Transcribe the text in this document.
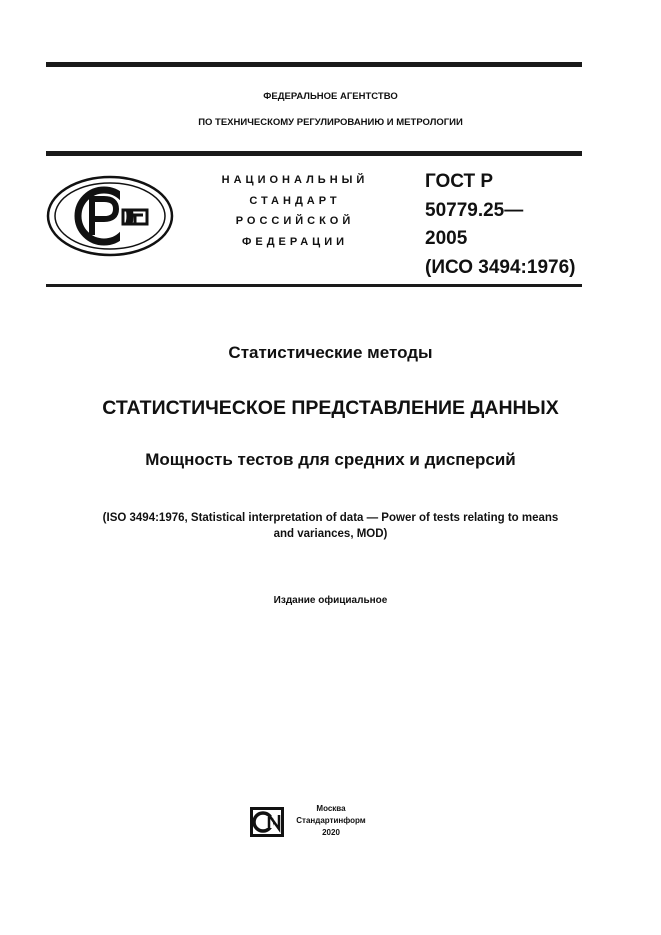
ФЕДЕРАЛЬНОЕ АГЕНТСТВО
ПО ТЕХНИЧЕСКОМУ РЕГУЛИРОВАНИЮ И МЕТРОЛОГИИ
НАЦИОНАЛЬНЫЙ
СТАНДАРТ
РОССИЙСКОЙ
ФЕДЕРАЦИИ
ГОСТ Р
50779.25—
2005
(ИСО 3494:1976)
Статистические методы
СТАТИСТИЧЕСКОЕ ПРЕДСТАВЛЕНИЕ ДАННЫХ
Мощность тестов для средних и дисперсий
(ISO 3494:1976, Statistical interpretation of data — Power of tests relating to means
and variances, MOD)
Издание официальное
Москва
Стандартинформ
2020
